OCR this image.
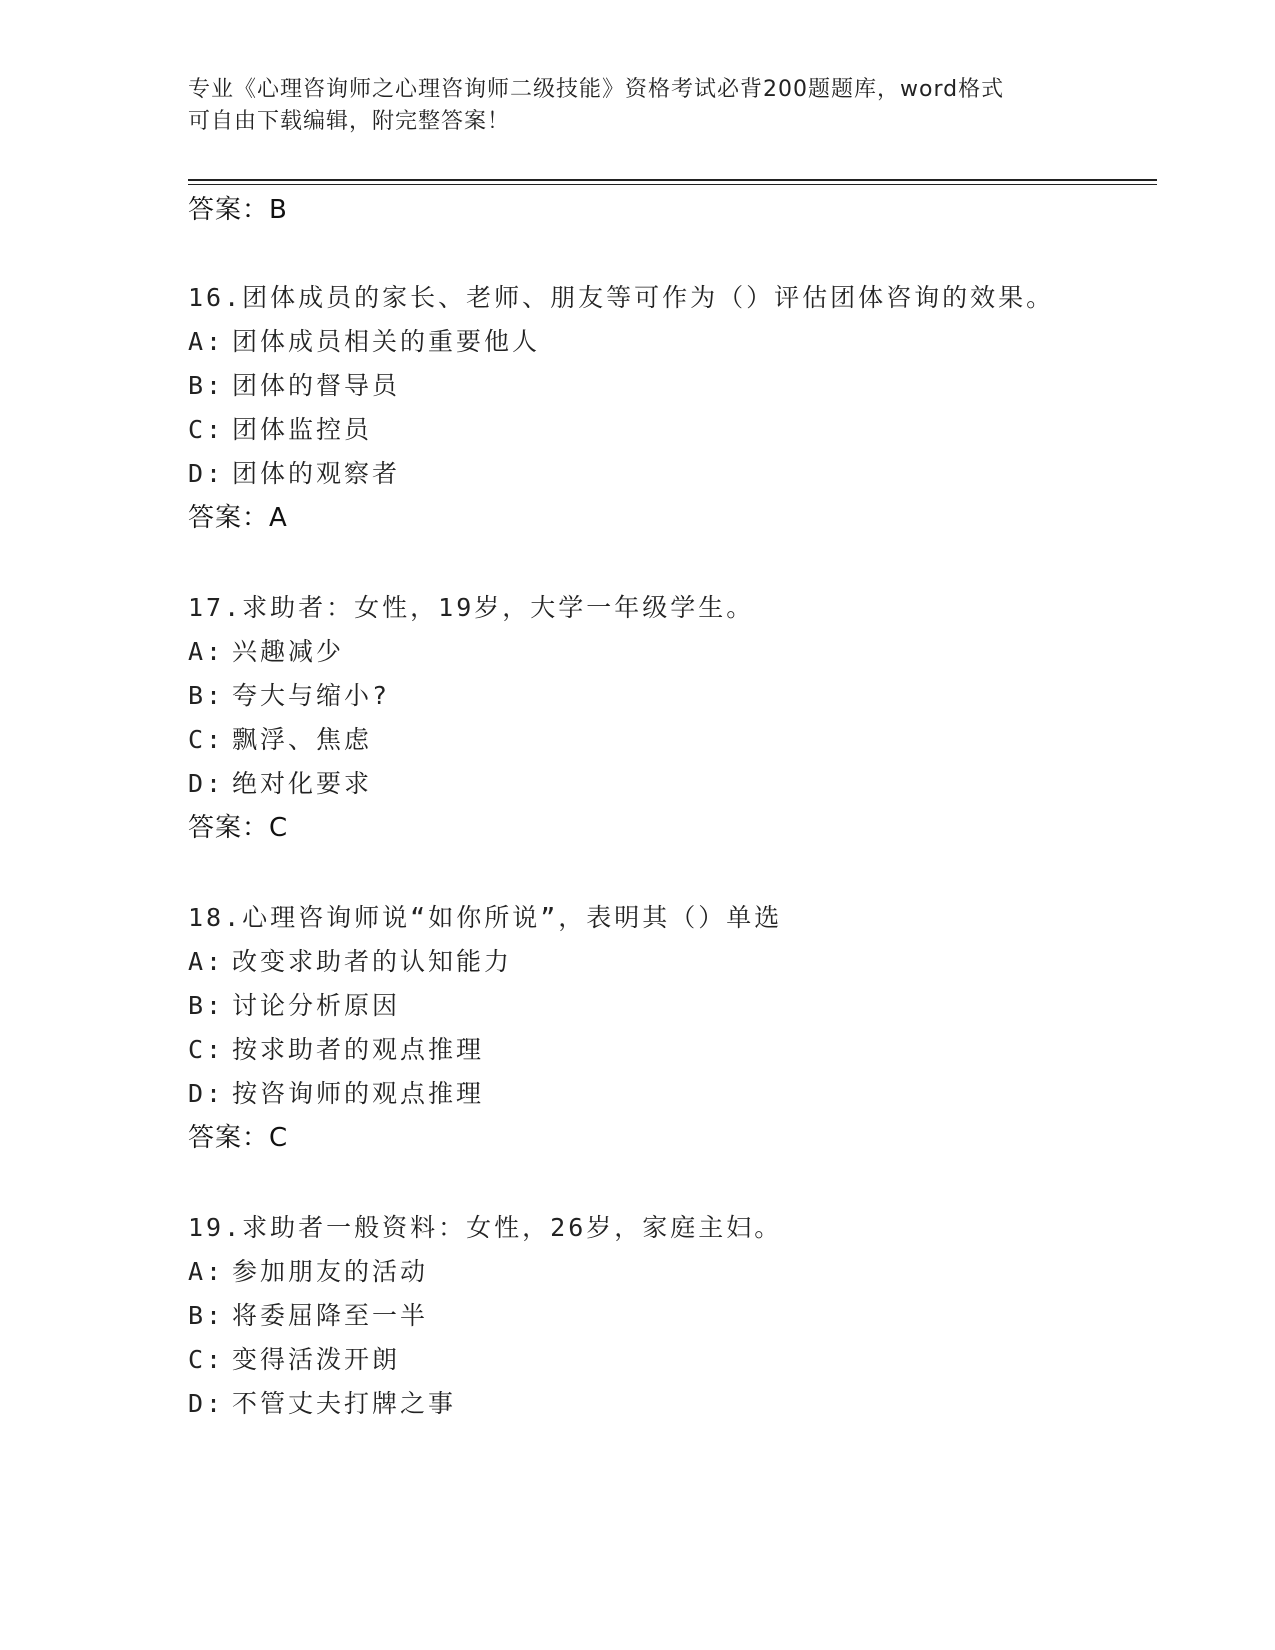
专业《心理咨询师之心理咨询师二级技能》资格考试必背200题题库，word格式
可自由下载编辑，附完整答案！
答案：B
16.团体成员的家长、老师、朋友等可作为（）评估团体咨询的效果。
A: 团体成员相关的重要他人
B: 团体的督导员
C: 团体监控员
D: 团体的观察者
答案：A
17.求助者：女性，19岁，大学一年级学生。
A: 兴趣减少
B: 夸大与缩小?
C: 飘浮、焦虑
D: 绝对化要求
答案：C
18.心理咨询师说“如你所说”，表明其（）单选
A: 改变求助者的认知能力
B: 讨论分析原因
C: 按求助者的观点推理
D: 按咨询师的观点推理
答案：C
19.求助者一般资料：女性，26岁，家庭主妇。
A: 参加朋友的活动
B: 将委屈降至一半
C: 变得活泼开朗
D: 不管丈夫打牌之事
